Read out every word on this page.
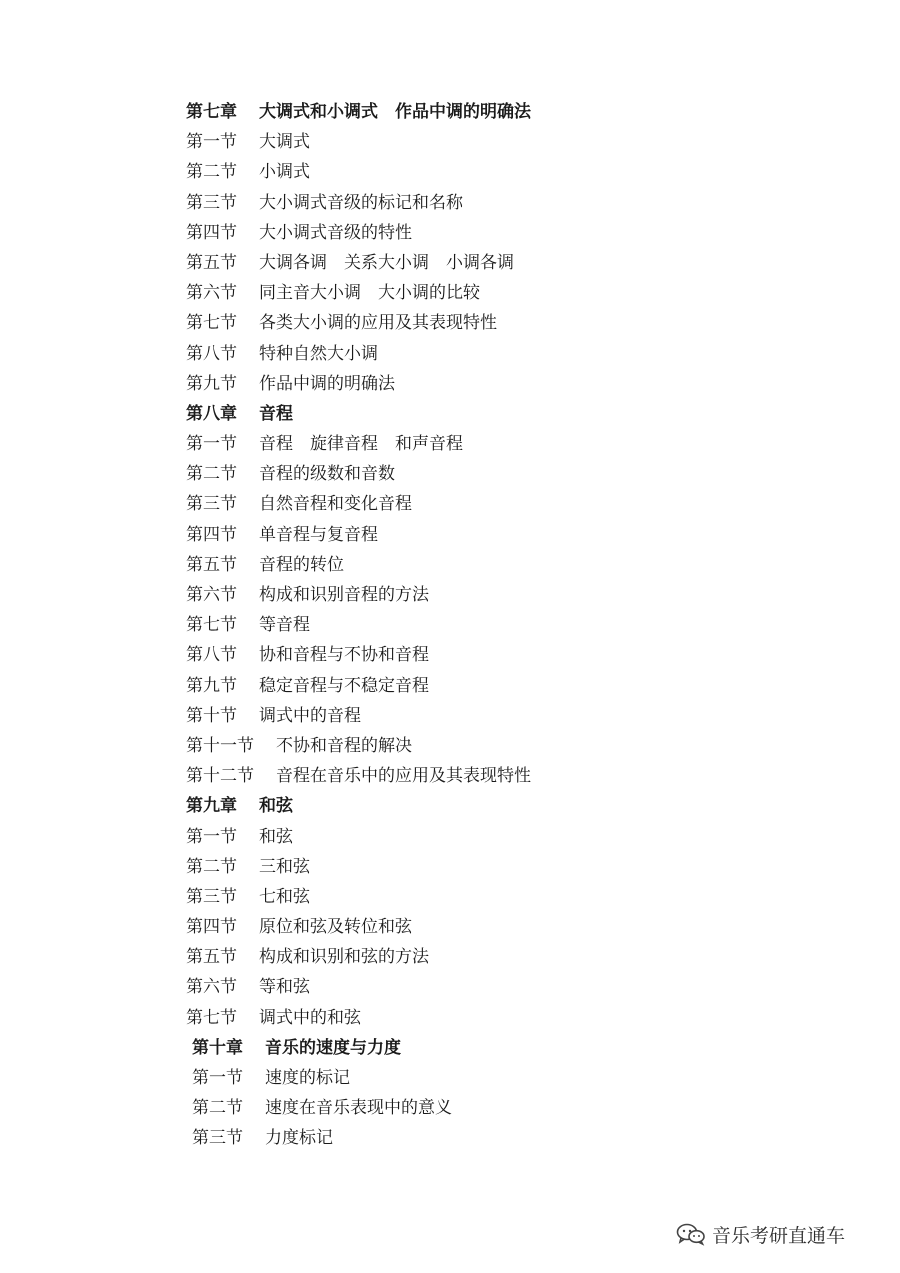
第七章 大调式和小调式　作品中调的明确法
第一节 大调式
第二节 小调式
第三节 大小调式音级的标记和名称
第四节 大小调式音级的特性
第五节 大调各调　关系大小调　小调各调
第六节 同主音大小调　大小调的比较
第七节 各类大小调的应用及其表现特性
第八节 特种自然大小调
第九节 作品中调的明确法
第八章 音程
第一节 音程　旋律音程　和声音程
第二节 音程的级数和音数
第三节 自然音程和变化音程
第四节 单音程与复音程
第五节 音程的转位
第六节 构成和识别音程的方法
第七节 等音程
第八节 协和音程与不协和音程
第九节 稳定音程与不稳定音程
第十节 调式中的音程
第十一节 不协和音程的解决
第十二节 音程在音乐中的应用及其表现特性
第九章 和弦
第一节 和弦
第二节 三和弦
第三节 七和弦
第四节 原位和弦及转位和弦
第五节 构成和识别和弦的方法
第六节 等和弦
第七节 调式中的和弦
第十章 音乐的速度与力度
第一节 速度的标记
第二节 速度在音乐表现中的意义
第三节 力度标记
音乐考研直通车
